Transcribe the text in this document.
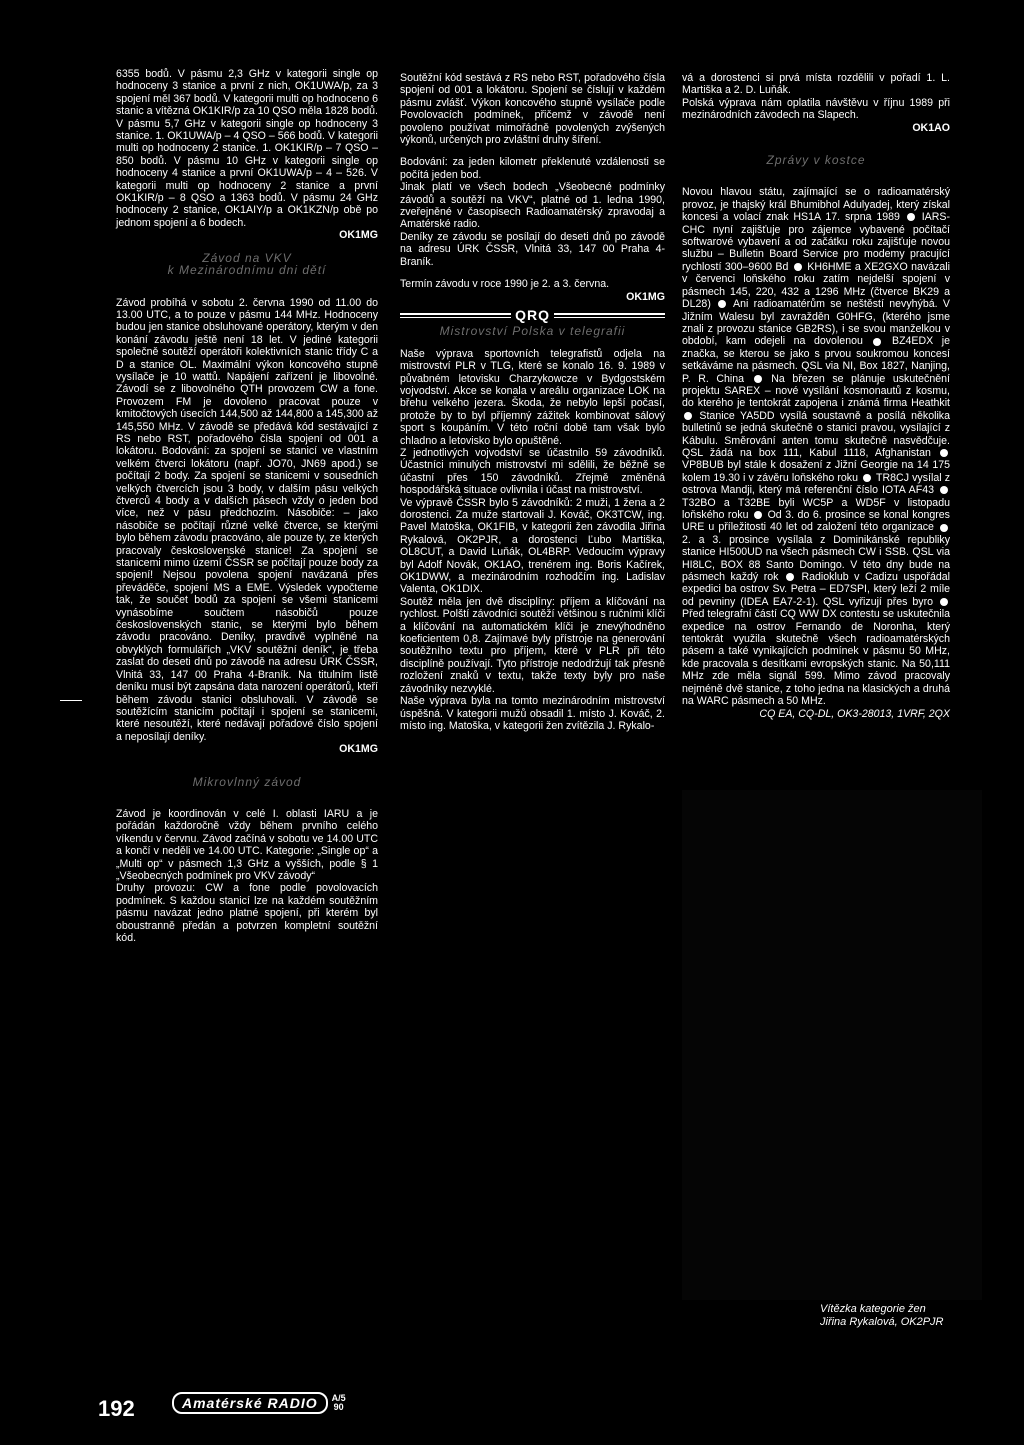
6355 bodů. V pásmu 2,3 GHz v kategorii single op hodnoceny 3 stanice a první z nich, OK1UWA/p, za 3 spojení měl 367 bodů. V kategorii multi op hodnoceno 6 stanic a vítězná OK1KIR/p za 10 QSO měla 1828 bodů. V pásmu 5,7 GHz v kategorii single op hodnoceny 3 stanice. 1. OK1UWA/p – 4 QSO – 566 bodů. V kategorii multi op hodnoceny 2 stanice. 1. OK1KIR/p – 7 QSO – 850 bodů. V pásmu 10 GHz v kategorii single op hodnoceny 4 stanice a první OK1UWA/p – 4 – 526. V kategorii multi op hodnoceny 2 stanice a první OK1KIR/p – 8 QSO a 1363 bodů. V pásmu 24 GHz hodnoceny 2 stanice, OK1AIY/p a OK1KZN/p obě po jednom spojení a 6 bodech.

OK1MG

Závod na VKV

k Mezinárodnímu dni dětí

Závod probíhá v sobotu 2. června 1990 od 11.00 do 13.00 UTC, a to pouze v pásmu 144 MHz. Hodnoceny budou jen stanice obsluhované operátory, kterým v den konání závodu ještě není 18 let. V jediné kategorii společně soutěží operátoři kolektivních stanic třídy C a D a stanice OL. Maximální výkon koncového stupně vysílače je 10 wattů. Napájení zařízení je libovolné. Závodí se z libovolného QTH provozem CW a fone. Provozem FM je dovoleno pracovat pouze v kmitočtových úsecích 144,500 až 144,800 a 145,300 až 145,550 MHz. V závodě se předává kód sestávající z RS nebo RST, pořadového čísla spojení od 001 a lokátoru. Bodování: za spojení se stanicí ve vlastním velkém čtverci lokátoru (např. JO70, JN69 apod.) se počítají 2 body. Za spojení se stanicemi v sousedních velkých čtvercích jsou 3 body, v dalším pásu velkých čtverců 4 body a v dalších pásech vždy o jeden bod více, než v pásu předchozím. Násobiče: – jako násobiče se počítají různé velké čtverce, se kterými bylo během závodu pracováno, ale pouze ty, ze kterých pracovaly československé stanice! Za spojení se stanicemi mimo území ČSSR se počítají pouze body za spojení! Nejsou povolena spojení navázaná přes převáděče, spojení MS a EME. Výsledek vypočteme tak, že součet bodů za spojení se všemi stanicemi vynásobíme součtem násobičů pouze československých stanic, se kterými bylo během závodu pracováno. Deníky, pravdivě vyplněné na obvyklých formulářích „VKV soutěžní deník“, je třeba zaslat do deseti dnů po závodě na adresu ÚRK ČSSR, Vlnitá 33, 147 00 Praha 4-Braník. Na titulním listě deníku musí být zapsána data narození operátorů, kteří během závodu stanici obsluhovali. V závodě se soutěžícím stanicím počítají i spojení se stanicemi, které nesoutěží, které nedávají pořadové číslo spojení a neposílají deníky.

OK1MG

Mikrovlnný závod

Závod je koordinován v celé I. oblasti IARU a je pořádán každoročně vždy během prvního celého víkendu v červnu. Závod začíná v sobotu ve 14.00 UTC a končí v neděli ve 14.00 UTC. Kategorie: „Single op“ a „Multi op“ v pásmech 1,3 GHz a vyšších, podle § 1 „Všeobecných podmínek pro VKV závody“

Druhy provozu: CW a fone podle povolovacích podmínek. S každou stanicí lze na každém soutěžním pásmu navázat jedno platné spojení, při kterém byl oboustranně předán a potvrzen kompletní soutěžní kód.

Soutěžní kód sestává z RS nebo RST, pořadového čísla spojení od 001 a lokátoru. Spojení se číslují v každém pásmu zvlášť. Výkon koncového stupně vysílače podle Povolovacích podmínek, přičemž v závodě není povoleno používat mimořádně povolených zvýšených výkonů, určených pro zvláštní druhy šíření.

Bodování: za jeden kilometr překlenuté vzdálenosti se počítá jeden bod.

Jinak platí ve všech bodech „Všeobecné podmínky závodů a soutěží na VKV“, platné od 1. ledna 1990, zveřejněné v časopisech Radioamatérský zpravodaj a Amatérské radio.

Deníky ze závodu se posílají do deseti dnů po závodě na adresu ÚRK ČSSR, Vlnitá 33, 147 00 Praha 4-Braník.

Termín závodu v roce 1990 je 2. a 3. června.

OK1MG

QRQ

Mistrovství Polska v telegrafii

Naše výprava sportovních telegrafistů odjela na mistrovství PLR v TLG, které se konalo 16. 9. 1989 v půvabném letovisku Charzykowcze v Bydgostském vojvodství. Akce se konala v areálu organizace LOK na břehu velkého jezera. Škoda, že nebylo lepší počasí, protože by to byl příjemný zážitek kombinovat sálový sport s koupáním. V této roční době tam však bylo chladno a letovisko bylo opuštěné.

Z jednotlivých vojvodství se účastnilo 59 závodníků. Účastníci minulých mistrovství mi sdělili, že běžně se účastní přes 150 závodníků. Zřejmě změněná hospodářská situace ovlivnila i účast na mistrovství.

Ve výpravě ČSSR bylo 5 závodníků: 2 muži, 1 žena a 2 dorostenci. Za muže startovali J. Kováč, OK3TCW, ing. Pavel Matoška, OK1FIB, v kategorii žen závodila Jiřina Rykalová, OK2PJR, a dorostenci Ľubo Martiška, OL8CUT, a David Luňák, OL4BRP. Vedoucím výpravy byl Adolf Novák, OK1AO, trenérem ing. Boris Kačírek, OK1DWW, a mezinárodním rozhodčím ing. Ladislav Valenta, OK1DIX.

Soutěž měla jen dvě disciplíny: příjem a klíčování na rychlost. Polští závodníci soutěží většinou s ručními klíči a klíčování na automatickém klíči je znevýhodněno koeficientem 0,8. Zajímavé byly přístroje na generování soutěžního textu pro příjem, které v PLR při této disciplíně používají. Tyto přístroje nedodržují tak přesně rozložení znaků v textu, takže texty byly pro naše závodníky nezvyklé.

Naše výprava byla na tomto mezinárodním mistrovství úspěšná. V kategorii mužů obsadil 1. místo J. Kováč, 2. místo ing. Matoška, v kategorii žen zvítězila J. Rykalo-

vá a dorostenci si prvá místa rozdělili v pořadí 1. L. Martiška a 2. D. Luňák.

Polská výprava nám oplatila návštěvu v říjnu 1989 při mezinárodních závodech na Slapech.

OK1AO

Zprávy v kostce

Novou hlavou státu, zajímající se o radioamatérský provoz, je thajský král Bhumibhol Adulyadej, který získal koncesi a volací znak HS1A 17. srpna 1989 IARS-CHC nyní zajišťuje pro zájemce vybavené počítačí softwarové vybavení a od začátku roku zajišťuje novou službu – Bulletin Board Service pro modemy pracující rychlostí 300–9600 Bd KH6HME a XE2GXO navázali v červenci loňského roku zatím nejdelší spojení v pásmech 145, 220, 432 a 1296 MHz (čtverce BK29 a DL28) Ani radioamatérům se neštěstí nevyhýbá. V Jižním Walesu byl zavražděn G0HFG, (kterého jsme znali z provozu stanice GB2RS), i se svou manželkou v období, kam odejeli na dovolenou	BZ4EDX je značka, se kterou se jako s prvou soukromou koncesí setkáváme na pásmech. QSL via NI, Box 1827, Nanjing, P. R. China	Na březen se plánuje uskutečnění projektu SAREX – nové vysílání kosmonautů z kosmu, do kterého je tentokrát zapojena i známá firma Heathkit  Stanice YA5DD vysílá soustavně a posílá několika bulletinů se jedná skutečně o stanici pravou, vysílající z Kábulu. Směrování anten tomu skutečně nasvědčuje. QSL žádá na box 111, Kabul 1118, Afghanistan  VP8BUB byl stále k dosažení z Jižní Georgie na 14 175 kolem 19.30 i v závěru loňského roku TR8CJ vysílal z ostrova Mandji, který má referenční číslo IOTA AF43  T32BO a T32BE byli WC5P a WD5F v listopadu loňského roku Od 3. do 6. prosince se konal kongres URE u příležitosti 40 let od založení této organizace  2. a 3. prosince vysílala z Dominikánské republiky stanice HI500UD na všech pásmech CW i SSB. QSL via HI8LC, BOX 88 Santo Domingo. V této dny bude na pásmech každý rok Radioklub v Cadizu uspořádal expedici ba ostrov Sv. Petra – ED7SPI, který leží 2 míle od pevniny (IDEA EA7-2-1). QSL vyřizují přes byro  Před telegrafní částí CQ WW DX contestu se uskutečnila expedice na ostrov Fernando de Noronha, který tentokrát využila skutečně všech radioamatérských pásem a také vynikajících podmínek v pásmu 50 MHz, kde pracovala s desítkami evropských stanic. Na 50,111 MHz zde měla signál 599. Mimo závod pracovaly nejméně dvě stanice, z toho jedna na klasických a druhá na WARC pásmech a 50 MHz.

CQ EA, CQ-DL, OK3-28013, 1VRF, 2QX

Vítězka kategorie žen Jiřina Rykalová, OK2PJR
192	Amatérské RADIO	A/5
90
